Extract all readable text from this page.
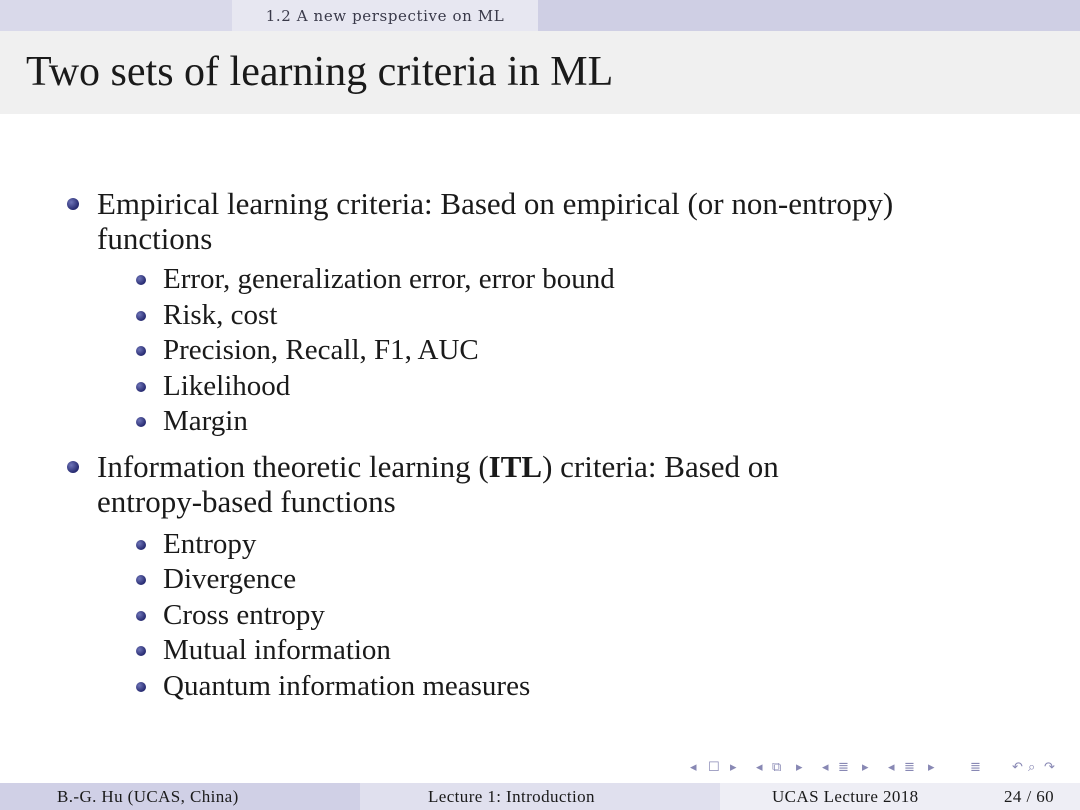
1.2 A new perspective on ML
Two sets of learning criteria in ML
Empirical learning criteria: Based on empirical (or non-entropy)
functions
Error, generalization error, error bound
Risk, cost
Precision, Recall, F1, AUC
Likelihood
Margin
Information theoretic learning (ITL) criteria: Based on
entropy-based functions
Entropy
Divergence
Cross entropy
Mutual information
Quantum information measures
◂ ☐ ▸ ◂ ⧉ ▸ ◂ ≣ ▸ ◂ ≣ ▸	≣ ↶ ⌕ ↷
B.-G. Hu (UCAS, China)	Lecture 1: Introduction	UCAS Lecture 2018	24 / 60
